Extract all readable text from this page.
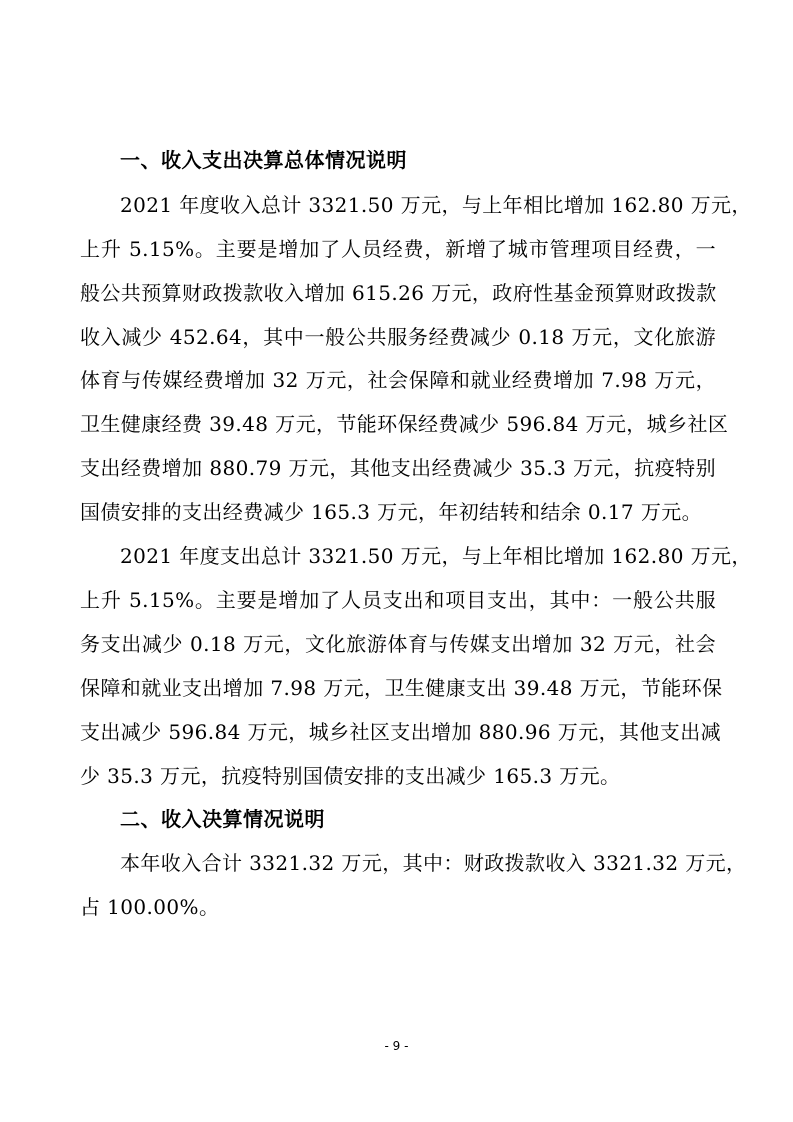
一、收入支出决算总体情况说明
2021 年度收入总计 3321.50 万元，与上年相比增加 162.80 万元，
上升 5.15%。主要是增加了人员经费，新增了城市管理项目经费，一
般公共预算财政拨款收入增加 615.26 万元，政府性基金预算财政拨款
收入减少 452.64，其中一般公共服务经费减少 0.18 万元，文化旅游
体育与传媒经费增加 32 万元，社会保障和就业经费增加 7.98 万元，
卫生健康经费 39.48 万元，节能环保经费减少 596.84 万元，城乡社区
支出经费增加 880.79 万元，其他支出经费减少 35.3 万元，抗疫特别
国债安排的支出经费减少 165.3 万元，年初结转和结余 0.17 万元。
2021 年度支出总计 3321.50 万元，与上年相比增加 162.80 万元，
上升 5.15%。主要是增加了人员支出和项目支出，其中：一般公共服
务支出减少 0.18 万元，文化旅游体育与传媒支出增加 32 万元，社会
保障和就业支出增加 7.98 万元，卫生健康支出 39.48 万元，节能环保
支出减少 596.84 万元，城乡社区支出增加 880.96 万元，其他支出减
少 35.3 万元，抗疫特别国债安排的支出减少 165.3 万元。
二、收入决算情况说明
本年收入合计 3321.32 万元，其中：财政拨款收入 3321.32 万元，
占 100.00%。
- 9 -
